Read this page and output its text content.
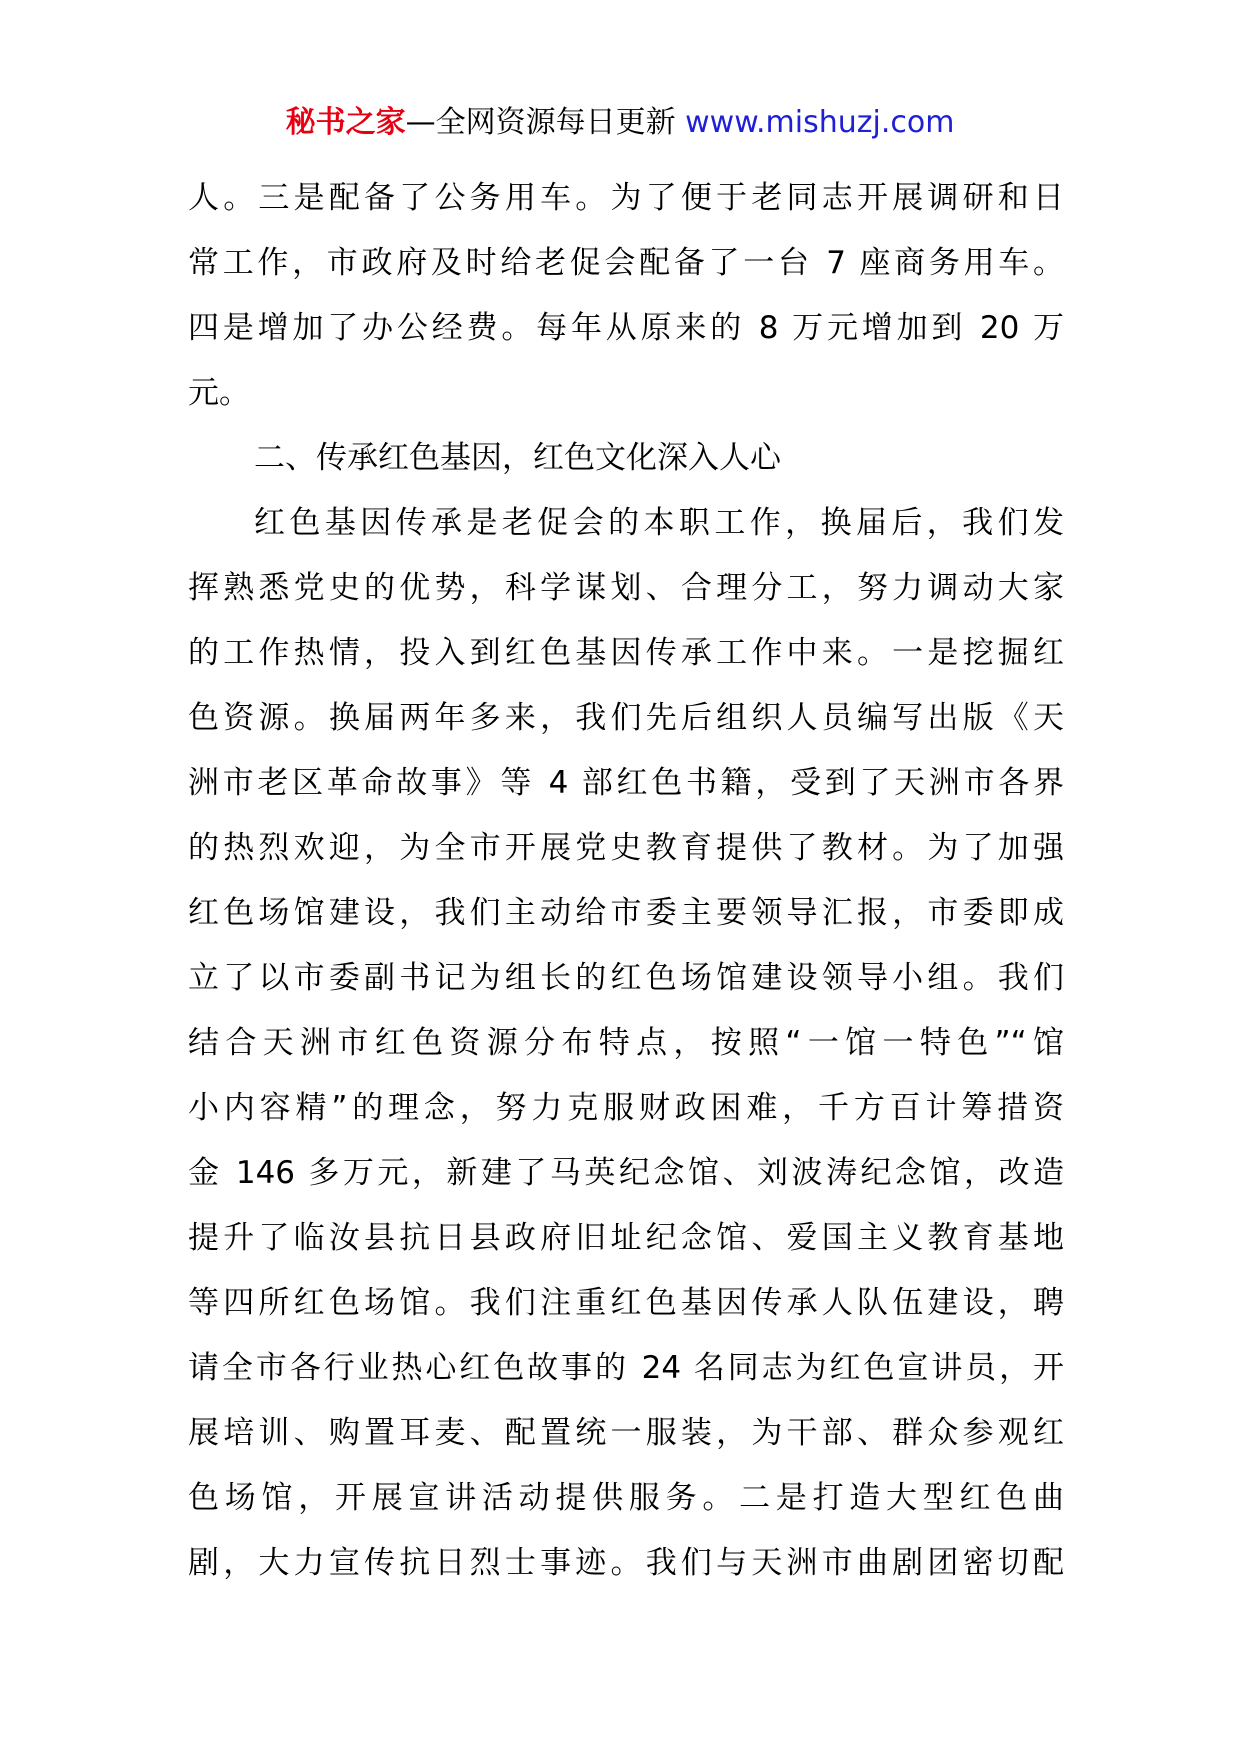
秘书之家—全网资源每日更新 www.mishuzj.com
人。三是配备了公务用车。为了便于老同志开展调研和日
常工作，市政府及时给老促会配备了一台 7 座商务用车。
四是增加了办公经费。每年从原来的 8 万元增加到 20 万
元。
二、传承红色基因，红色文化深入人心
红色基因传承是老促会的本职工作，换届后，我们发
挥熟悉党史的优势，科学谋划、合理分工，努力调动大家
的工作热情，投入到红色基因传承工作中来。一是挖掘红
色资源。换届两年多来，我们先后组织人员编写出版《天
洲市老区革命故事》等 4 部红色书籍，受到了天洲市各界
的热烈欢迎，为全市开展党史教育提供了教材。为了加强
红色场馆建设，我们主动给市委主要领导汇报，市委即成
立了以市委副书记为组长的红色场馆建设领导小组。我们
结合天洲市红色资源分布特点，按照“一馆一特色”“馆
小内容精”的理念，努力克服财政困难，千方百计筹措资
金 146 多万元，新建了马英纪念馆、刘波涛纪念馆，改造
提升了临汝县抗日县政府旧址纪念馆、爱国主义教育基地
等四所红色场馆。我们注重红色基因传承人队伍建设，聘
请全市各行业热心红色故事的 24 名同志为红色宣讲员，开
展培训、购置耳麦、配置统一服装，为干部、群众参观红
色场馆，开展宣讲活动提供服务。二是打造大型红色曲
剧，大力宣传抗日烈士事迹。我们与天洲市曲剧团密切配
